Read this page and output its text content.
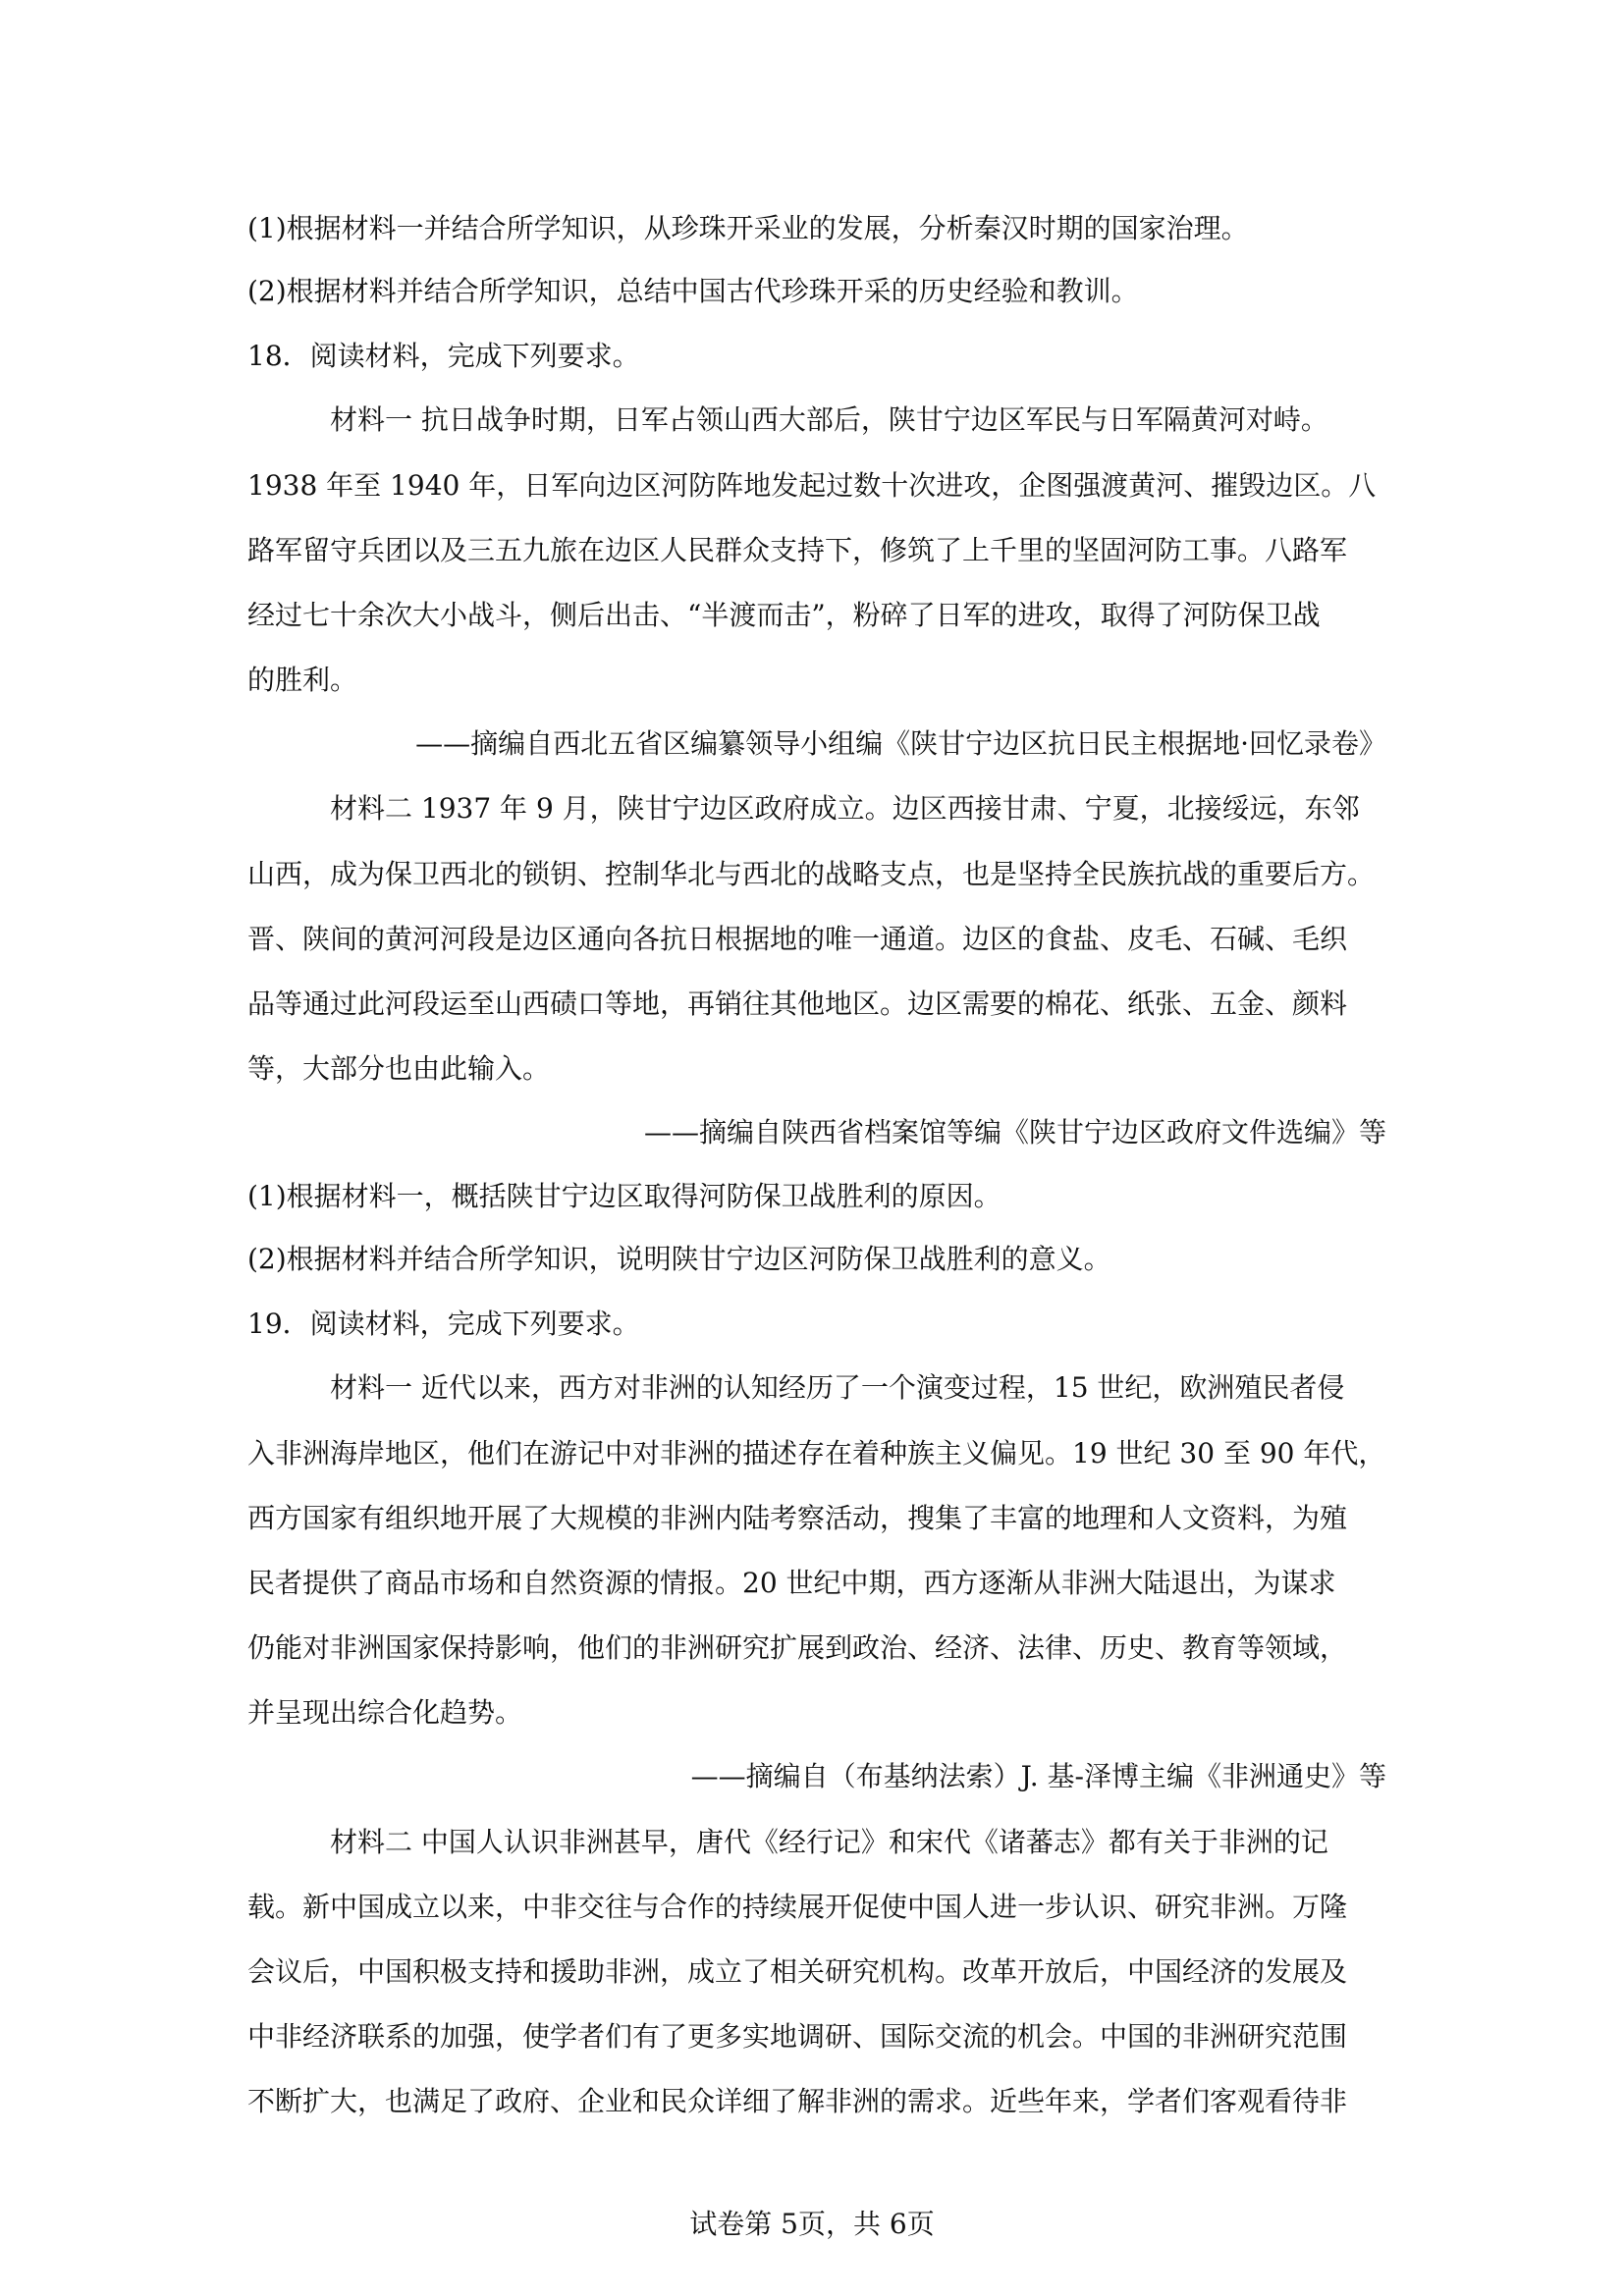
(1)根据材料一并结合所学知识，从珍珠开采业的发展，分析秦汉时期的国家治理。
(2)根据材料并结合所学知识，总结中国古代珍珠开采的历史经验和教训。
18．阅读材料，完成下列要求。
材料一 抗日战争时期，日军占领山西大部后，陕甘宁边区军民与日军隔黄河对峙。
1938 年至 1940 年，日军向边区河防阵地发起过数十次进攻，企图强渡黄河、摧毁边区。八
路军留守兵团以及三五九旅在边区人民群众支持下，修筑了上千里的坚固河防工事。八路军
经过七十余次大小战斗，侧后出击、“半渡而击”，粉碎了日军的进攻，取得了河防保卫战
的胜利。
——摘编自西北五省区编纂领导小组编《陕甘宁边区抗日民主根据地·回忆录卷》
材料二 1937 年 9 月，陕甘宁边区政府成立。边区西接甘肃、宁夏，北接绥远，东邻
山西，成为保卫西北的锁钥、控制华北与西北的战略支点，也是坚持全民族抗战的重要后方。
晋、陕间的黄河河段是边区通向各抗日根据地的唯一通道。边区的食盐、皮毛、石碱、毛织
品等通过此河段运至山西碛口等地，再销往其他地区。边区需要的棉花、纸张、五金、颜料
等，大部分也由此输入。
——摘编自陕西省档案馆等编《陕甘宁边区政府文件选编》等
(1)根据材料一，概括陕甘宁边区取得河防保卫战胜利的原因。
(2)根据材料并结合所学知识，说明陕甘宁边区河防保卫战胜利的意义。
19．阅读材料，完成下列要求。
材料一 近代以来，西方对非洲的认知经历了一个演变过程，15 世纪，欧洲殖民者侵
入非洲海岸地区，他们在游记中对非洲的描述存在着种族主义偏见。19 世纪 30 至 90 年代，
西方国家有组织地开展了大规模的非洲内陆考察活动，搜集了丰富的地理和人文资料，为殖
民者提供了商品市场和自然资源的情报。20 世纪中期，西方逐渐从非洲大陆退出，为谋求
仍能对非洲国家保持影响，他们的非洲研究扩展到政治、经济、法律、历史、教育等领域，
并呈现出综合化趋势。
——摘编自（布基纳法索）J. 基-泽博主编《非洲通史》等
材料二 中国人认识非洲甚早，唐代《经行记》和宋代《诸蕃志》都有关于非洲的记
载。新中国成立以来，中非交往与合作的持续展开促使中国人进一步认识、研究非洲。万隆
会议后，中国积极支持和援助非洲，成立了相关研究机构。改革开放后，中国经济的发展及
中非经济联系的加强，使学者们有了更多实地调研、国际交流的机会。中国的非洲研究范围
不断扩大，也满足了政府、企业和民众详细了解非洲的需求。近些年来，学者们客观看待非
试卷第 5页，共 6页
